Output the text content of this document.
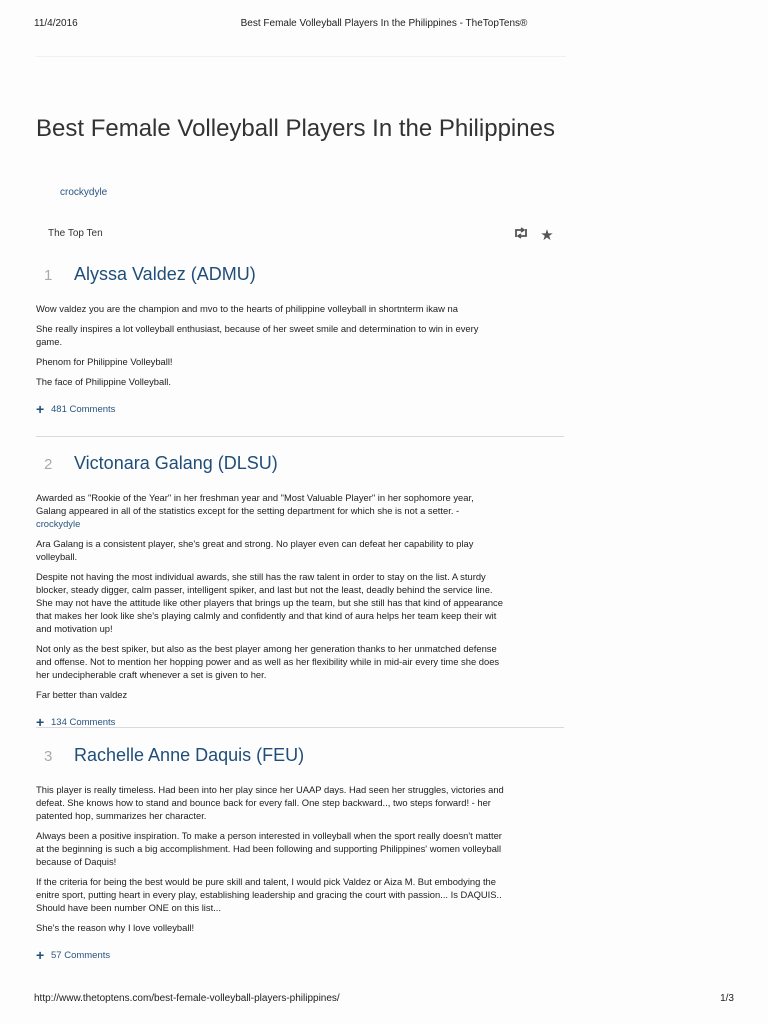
11/4/2016	Best Female Volleyball Players In the Philippines - TheTopTens®
Best Female Volleyball Players In the Philippines
crockydyle
The Top Ten	★
1	Alyssa Valdez (ADMU)

Wow valdez you are the champion and mvo to the hearts of philippine volleyball in shortnterm ikaw na

She really inspires a lot volleyball enthusiast, because of her sweet smile and determination to win in every game.

Phenom for Philippine Volleyball!

The face of Philippine Volleyball.

+ 481 Comments
2	Victonara Galang (DLSU)

Awarded as "Rookie of the Year" in her freshman year and "Most Valuable Player" in her sophomore year, Galang appeared in all of the statistics except for the setting department for which she is not a setter. - crockydyle

Ara Galang is a consistent player, she's great and strong. No player even can defeat her capability to play volleyball.

Despite not having the most individual awards, she still has the raw talent in order to stay on the list. A sturdy blocker, steady digger, calm passer, intelligent spiker, and last but not the least, deadly behind the service line. She may not have the attitude like other players that brings up the team, but she still has that kind of appearance that makes her look like she's playing calmly and confidently and that kind of aura helps her team keep their wit and motivation up!

Not only as the best spiker, but also as the best player among her generation thanks to her unmatched defense and offense. Not to mention her hopping power and as well as her flexibility while in mid-air every time she does her undecipherable craft whenever a set is given to her.

Far better than valdez

+ 134 Comments
3	Rachelle Anne Daquis (FEU)

This player is really timeless. Had been into her play since her UAAP days. Had seen her struggles, victories and defeat. She knows how to stand and bounce back for every fall. One step backward.., two steps forward! - her patented hop, summarizes her character.

Always been a positive inspiration. To make a person interested in volleyball when the sport really doesn't matter at the beginning is such a big accomplishment. Had been following and supporting Philippines' women volleyball because of Daquis!

If the criteria for being the best would be pure skill and talent, I would pick Valdez or Aiza M. But embodying the enitre sport, putting heart in every play, establishing leadership and gracing the court with passion... Is DAQUIS.. Should have been number ONE on this list...

She's the reason why I love volleyball!

+ 57 Comments
http://www.thetoptens.com/best-female-volleyball-players-philippines/	1/3
